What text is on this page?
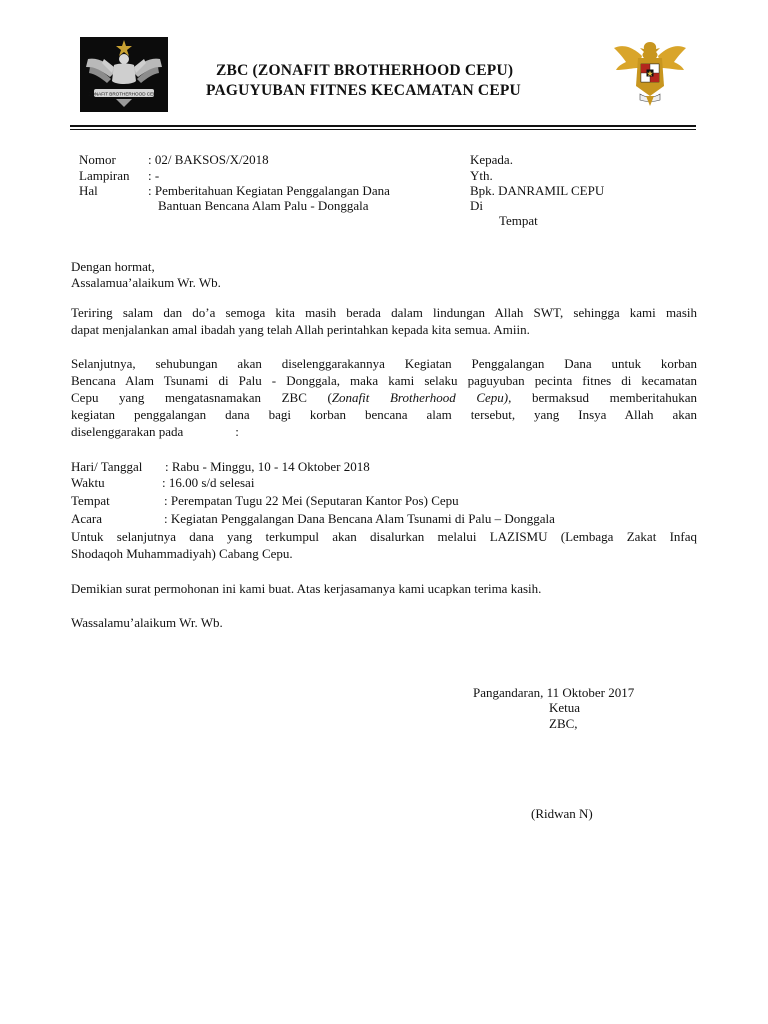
ZONAFIT BROTHERHOOD CEPU
ZBC (ZONAFIT BROTHERHOOD CEPU)
PAGUYUBAN FITNES KECAMATAN CEPU
Nomor : 02/ BAKSOS/X/2018
Lampiran : -
Hal	: Pemberitahuan Kegiatan Penggalangan Dana
Bantuan Bencana Alam Palu - Donggala
Kepada.
Yth.
Bpk. DANRAMIL CEPU
Di
Tempat
Dengan hormat,
Assalamua’alaikum Wr. Wb.
Teriring salam dan do’a semoga kita masih berada dalam lindungan Allah SWT, sehingga kami masih
dapat menjalankan amal ibadah yang telah Allah perintahkan kepada kita semua. Amiin.
Selanjutnya, sehubungan akan diselenggarakannya Kegiatan Penggalangan Dana untuk korban
Bencana Alam Tsunami di Palu - Donggala, maka kami selaku paguyuban pecinta fitnes di kecamatan
Cepu yang mengatasnamakan ZBC (Zonafit Brotherhood Cepu), bermaksud memberitahukan
kegiatan penggalangan dana bagi korban bencana alam tersebut, yang Insya Allah akan
diselenggarakan pada	:
Hari/ Tanggal : Rabu - Minggu, 10 - 14 Oktober 2018
Waktu	: 16.00 s/d selesai
Tempat	: Perempatan Tugu 22 Mei (Seputaran Kantor Pos) Cepu
Acara	: Kegiatan Penggalangan Dana Bencana Alam Tsunami di Palu – Donggala
Untuk selanjutnya dana yang terkumpul akan disalurkan melalui LAZISMU (Lembaga Zakat Infaq
Shodaqoh Muhammadiyah) Cabang Cepu.
Demikian surat permohonan ini kami buat. Atas kerjasamanya kami ucapkan terima kasih.
Wassalamu’alaikum Wr. Wb.
Pangandaran, 11 Oktober 2017
Ketua
ZBC,
(Ridwan N)
